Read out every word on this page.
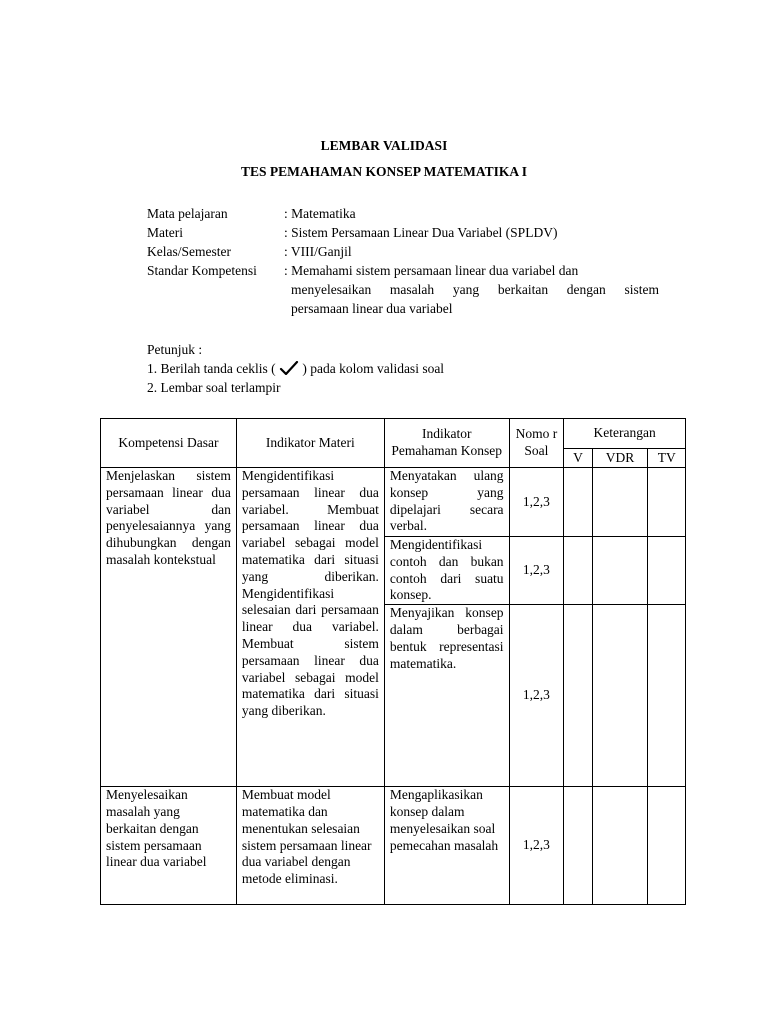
LEMBAR VALIDASI
TES PEMAHAMAN KONSEP MATEMATIKA I
Mata pelajaran	: Matematika
Materi	: Sistem Persamaan Linear Dua Variabel (SPLDV)
Kelas/Semester	: VIII/Ganjil
Standar Kompetensi : Memahami sistem persamaan linear dua variabel dan
menyelesaikan masalah yang berkaitan dengan sistem
persamaan linear dua variabel
Petunjuk :
1. Berilah tanda ceklis ( ) pada kolom validasi soal
2. Lembar soal terlampir
Kompetensi Dasar	Indikator Materi	Indikator Pemahaman Konsep	Nomo r Soal	Keterangan		
				V	VDR	TV
Menjelaskan sistem persamaan linear dua variabel dan penyelesaiannya yang dihubungkan dengan masalah kontekstual	Mengidentifikasi persamaan linear dua variabel. Membuat persamaan linear dua variabel sebagai model matematika dari situasi yang diberikan. Mengidentifikasi selesaian dari persamaan linear dua variabel. Membuat sistem persamaan linear dua variabel sebagai model matematika dari situasi yang diberikan.	Menyatakan ulang konsep yang dipelajari secara verbal.	1,2,3			
		Mengidentifikasi contoh dan bukan contoh dari suatu konsep.	1,2,3			
		Menyajikan konsep dalam berbagai bentuk representasi matematika.	1,2,3			
Menyelesaikan masalah yang berkaitan dengan sistem persamaan linear dua variabel	Membuat model matematika dan menentukan selesaian sistem persamaan linear dua variabel dengan metode eliminasi.	Mengaplikasikan konsep dalam menyelesaikan soal pemecahan masalah	1,2,3			
